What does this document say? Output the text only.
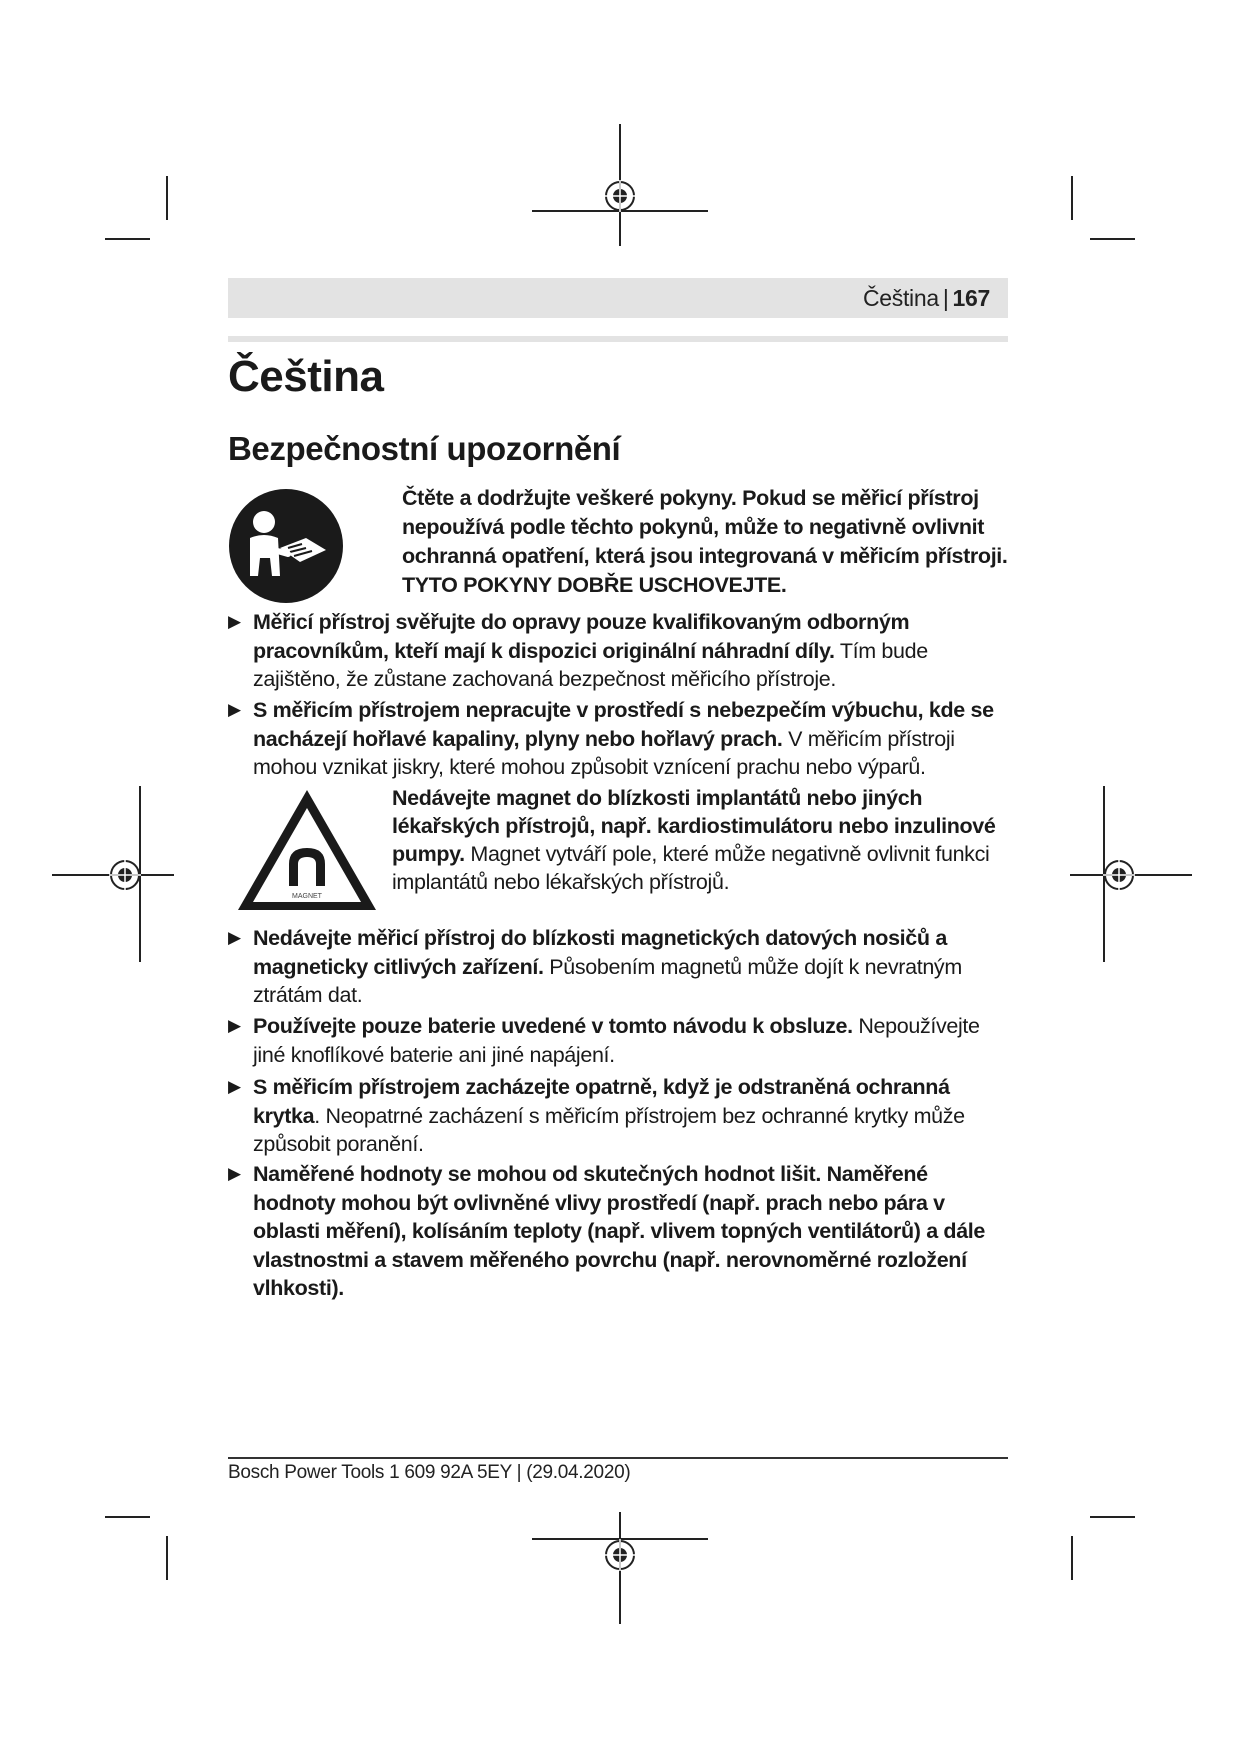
Čeština | 167
Čeština
Bezpečnostní upozornění
Čtěte a dodržujte veškeré pokyny. Pokud se měřicí přístroj
nepoužívá podle těchto pokynů, může to negativně ovlivnit
ochranná opatření, která jsou integrovaná v měřicím přístroji.
TYTO POKYNY DOBŘE USCHOVEJTE.
▶ Měřicí přístroj svěřujte do opravy pouze kvalifikovaným odborným pracovníkům, kteří mají k dispozici originální náhradní díly. Tím bude zajištěno, že zůstane zachovaná bezpečnost měřicího přístroje.
▶ S měřicím přístrojem nepracujte v prostředí s nebezpečím výbuchu, kde se nacházejí hořlavé kapaliny, plyny nebo hořlavý prach. V měřicím přístroji mohou vznikat jiskry, které mohou způsobit vznícení prachu nebo výparů.
MAGNET
Nedávejte magnet do blízkosti implantátů nebo jiných lékařských přístrojů, např. kardiostimulátoru nebo inzulinové pumpy. Magnet vytváří pole, které může negativně ovlivnit funkci implantátů nebo lékařských přístrojů.
▶ Nedávejte měřicí přístroj do blízkosti magnetických datových nosičů a magneticky citlivých zařízení. Působením magnetů může dojít k nevratným ztrátám dat.
▶ Používejte pouze baterie uvedené v tomto návodu k obsluze. Nepoužívejte jiné knoflíkové baterie ani jiné napájení.
▶ S měřicím přístrojem zacházejte opatrně, když je odstraněná ochranná krytka. Neopatrné zacházení s měřicím přístrojem bez ochranné krytky může způsobit poranění.
▶ Naměřené hodnoty se mohou od skutečných hodnot lišit. Naměřené hodnoty mohou být ovlivněné vlivy prostředí (např. prach nebo pára v oblasti měření), kolísáním teploty (např. vlivem topných ventilátorů) a dále vlastnostmi a stavem měřeného povrchu (např. nerovnoměrné rozložení vlhkosti).
Bosch Power Tools 1 609 92A 5EY | (29.04.2020)
